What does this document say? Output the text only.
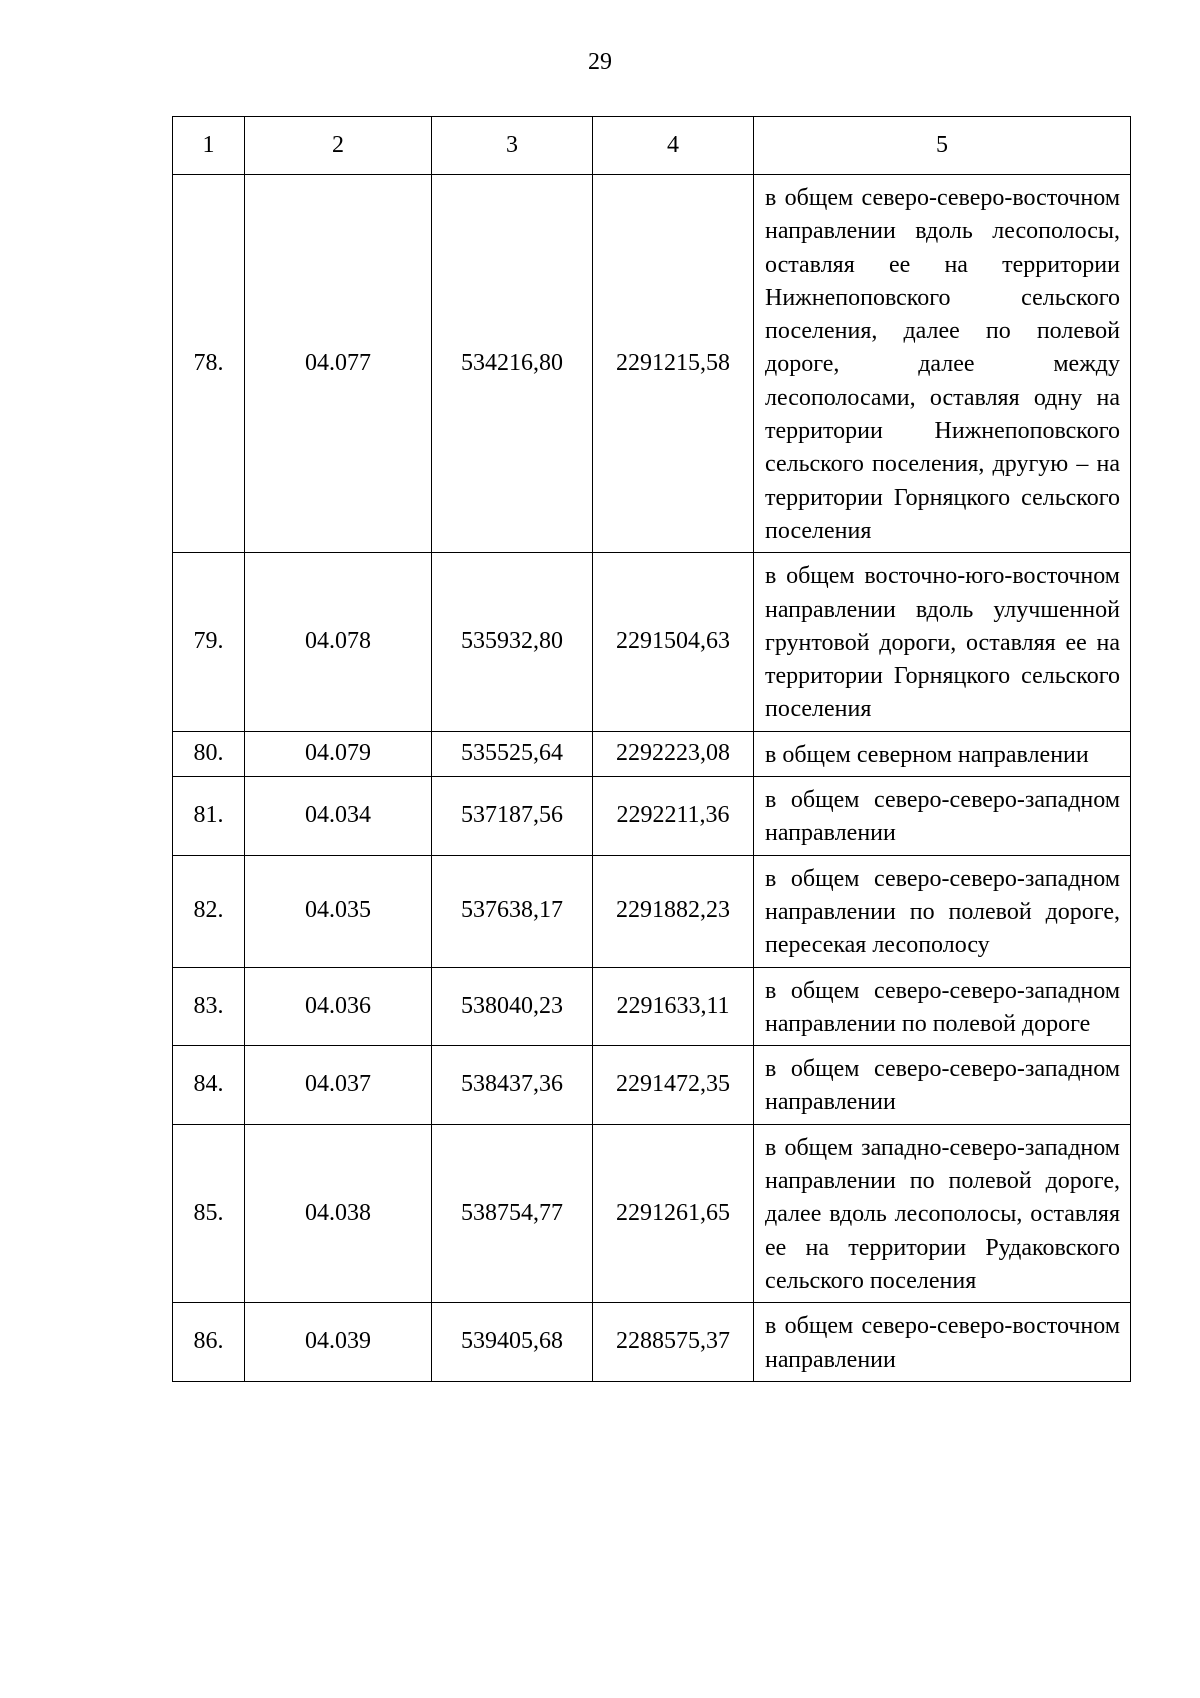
29
1	2	3	4	5
78.	04.077	534216,80	2291215,58	в общем северо-северо-восточном направлении вдоль лесополосы, оставляя ее на территории Нижнепоповского сельского поселения, далее по полевой дороге, далее между лесополосами, оставляя одну на территории Нижнепоповского сельского поселения, другую – на территории Горняцкого сельского поселения
79.	04.078	535932,80	2291504,63	в общем восточно-юго-восточном направлении вдоль улучшенной грунтовой дороги, оставляя ее на территории Горняцкого сельского поселения
80.	04.079	535525,64	2292223,08	в общем северном направлении
81.	04.034	537187,56	2292211,36	в общем северо-северо-западном направлении
82.	04.035	537638,17	2291882,23	в общем северо-северо-западном направлении по полевой дороге, пересекая лесополосу
83.	04.036	538040,23	2291633,11	в общем северо-северо-западном направлении по полевой дороге
84.	04.037	538437,36	2291472,35	в общем северо-северо-западном направлении
85.	04.038	538754,77	2291261,65	в общем западно-северо-западном направлении по полевой дороге, далее вдоль лесополосы, оставляя ее на территории Рудаковского сельского поселения
86.	04.039	539405,68	2288575,37	в общем северо-северо-восточном направлении
